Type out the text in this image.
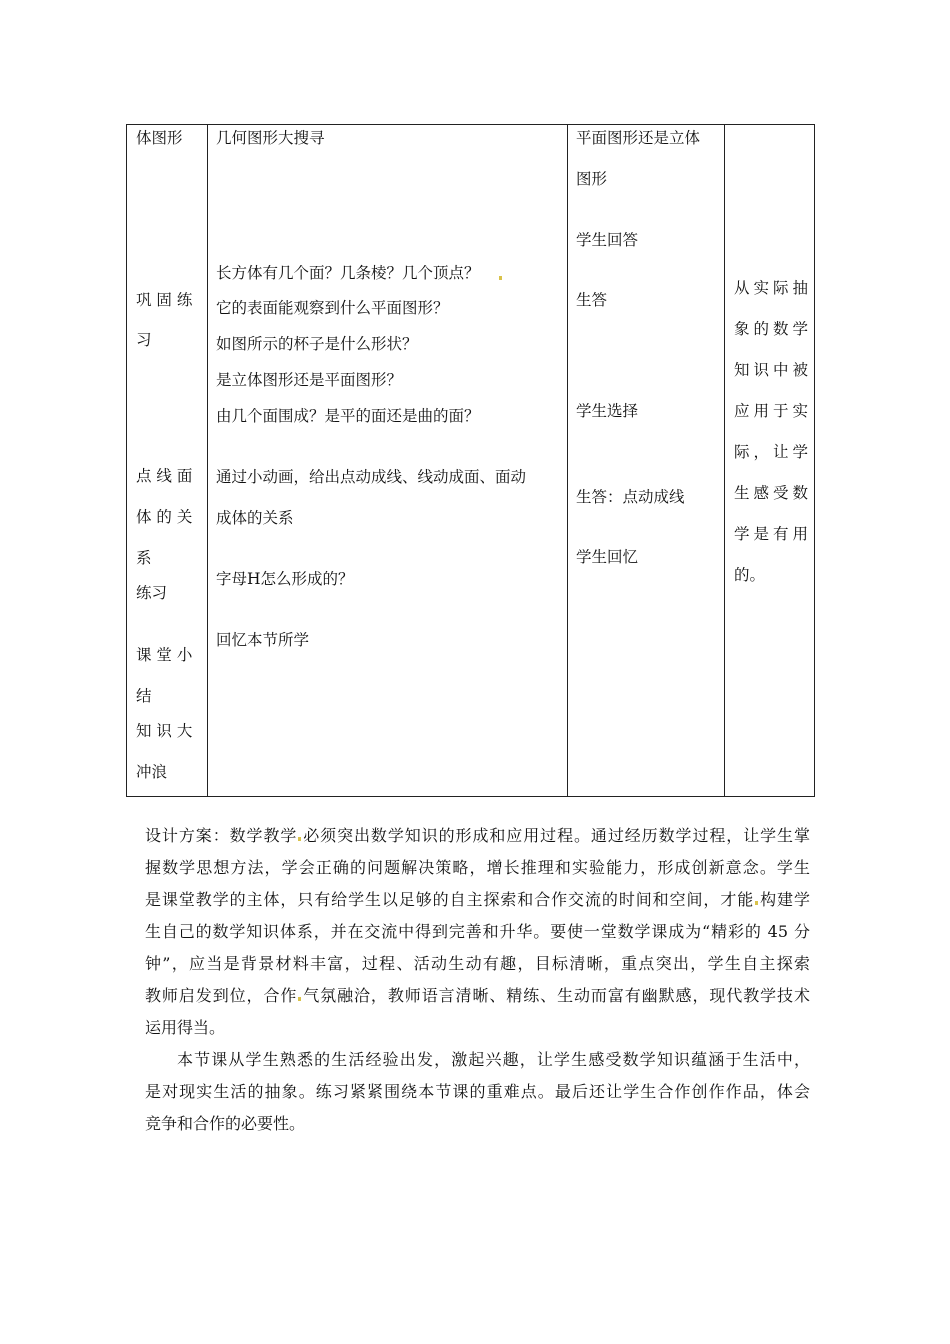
体图形
巩 固 练
习
点 线 面
体 的 关
系
练习
课 堂 小
结
知 识 大
冲浪
几何图形大搜寻
长方体有几个面？几条棱？几个顶点？
它的表面能观察到什么平面图形？
如图所示的杯子是什么形状？
是立体图形还是平面图形？
由几个面围成？是平的面还是曲的面？
通过小动画，给出点动成线、线动成面、面动
成体的关系
字母H怎么形成的？
回忆本节所学
平面图形还是立体
图形
学生回答
生答
学生选择
生答：点动成线
学生回忆
从实际抽
象的数学
知识中被
应用于实
际，让学
生感受数
学是有用
的。
设计方案：数学教学 必须突出数学知识的形成和应用过程。通过经历数学过程，让学生掌
握数学思想方法，学会正确的问题解决策略，增长推理和实验能力，形成创新意念。学生
是课堂教学的主体，只有给学生以足够的自主探索和合作交流的时间和空间，才能 构建学
生自己的数学知识体系，并在交流中得到完善和升华。要使一堂数学课成为“精彩的 45 分
钟”，应当是背景材料丰富，过程、活动生动有趣，目标清晰，重点突出，学生自主探索
教师启发到位，合作 气氛融洽，教师语言清晰、精练、生动而富有幽默感，现代教学技术
运用得当。
本节课从学生熟悉的生活经验出发，激起兴趣，让学生感受数学知识蕴涵于生活中，
是对现实生活的抽象。练习紧紧围绕本节课的重难点。最后还让学生合作创作作品，体会
竞争和合作的必要性。
